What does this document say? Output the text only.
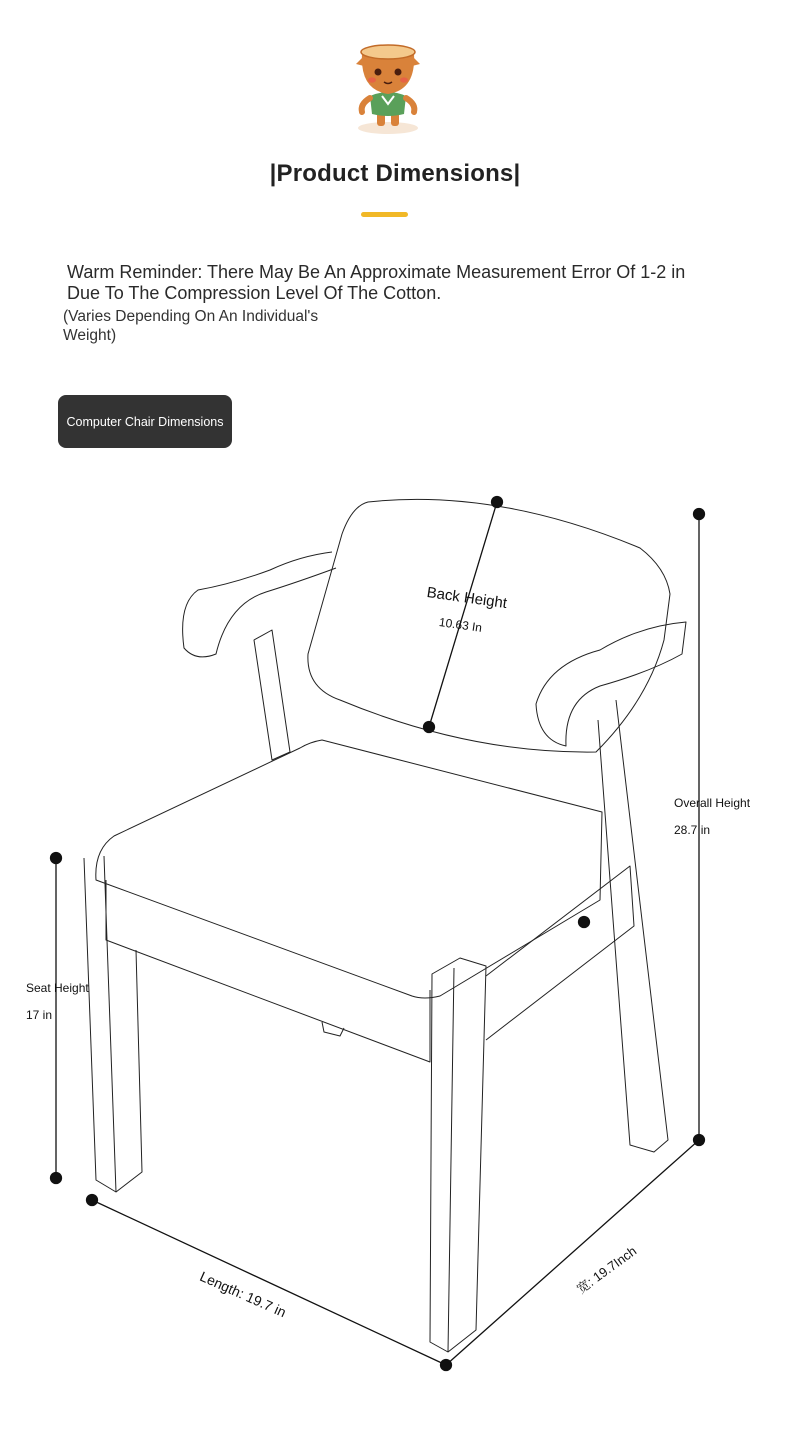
|Product Dimensions|
Warm Reminder: There May Be An Approximate Measurement Error Of 1-2 in Due To The Compression Level Of The Cotton.
(Varies Depending On An Individual's Weight)
Computer Chair Dimensions
Back Height
10.63 In
Overall Height
28.7 in
Seat Height
17 in
Length: 19.7 in	宽: 19.7Inch
